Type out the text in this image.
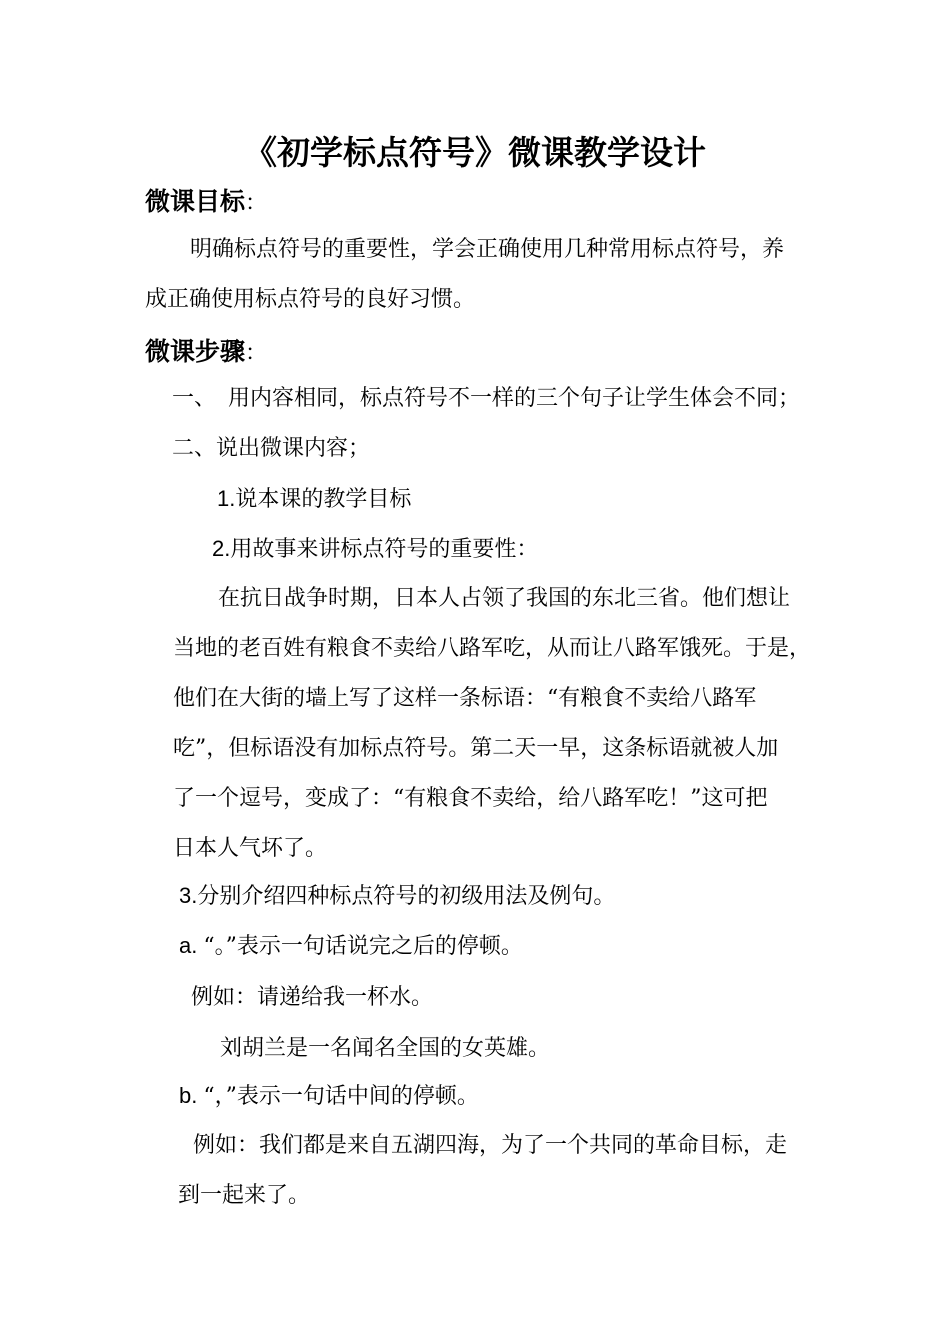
《初学标点符号》微课教学设计
微课目标：
明确标点符号的重要性，学会正确使用几种常用标点符号，养
成正确使用标点符号的良好习惯。
微课步骤：
一、 用内容相同，标点符号不一样的三个句子让学生体会不同；
二、说出微课内容；
1.说本课的教学目标
2.用故事来讲标点符号的重要性：
在抗日战争时期，日本人占领了我国的东北三省。他们想让
当地的老百姓有粮食不卖给八路军吃，从而让八路军饿死。于是，
他们在大街的墙上写了这样一条标语：“有粮食不卖给八路军
吃”，但标语没有加标点符号。第二天一早，这条标语就被人加
了一个逗号，变成了：“有粮食不卖给，给八路军吃！”这可把
日本人气坏了。
3.分别介绍四种标点符号的初级用法及例句。
a. “。”表示一句话说完之后的停顿。
例如：请递给我一杯水。
刘胡兰是一名闻名全国的女英雄。
b. “，”表示一句话中间的停顿。
例如：我们都是来自五湖四海，为了一个共同的革命目标，走
到一起来了。
